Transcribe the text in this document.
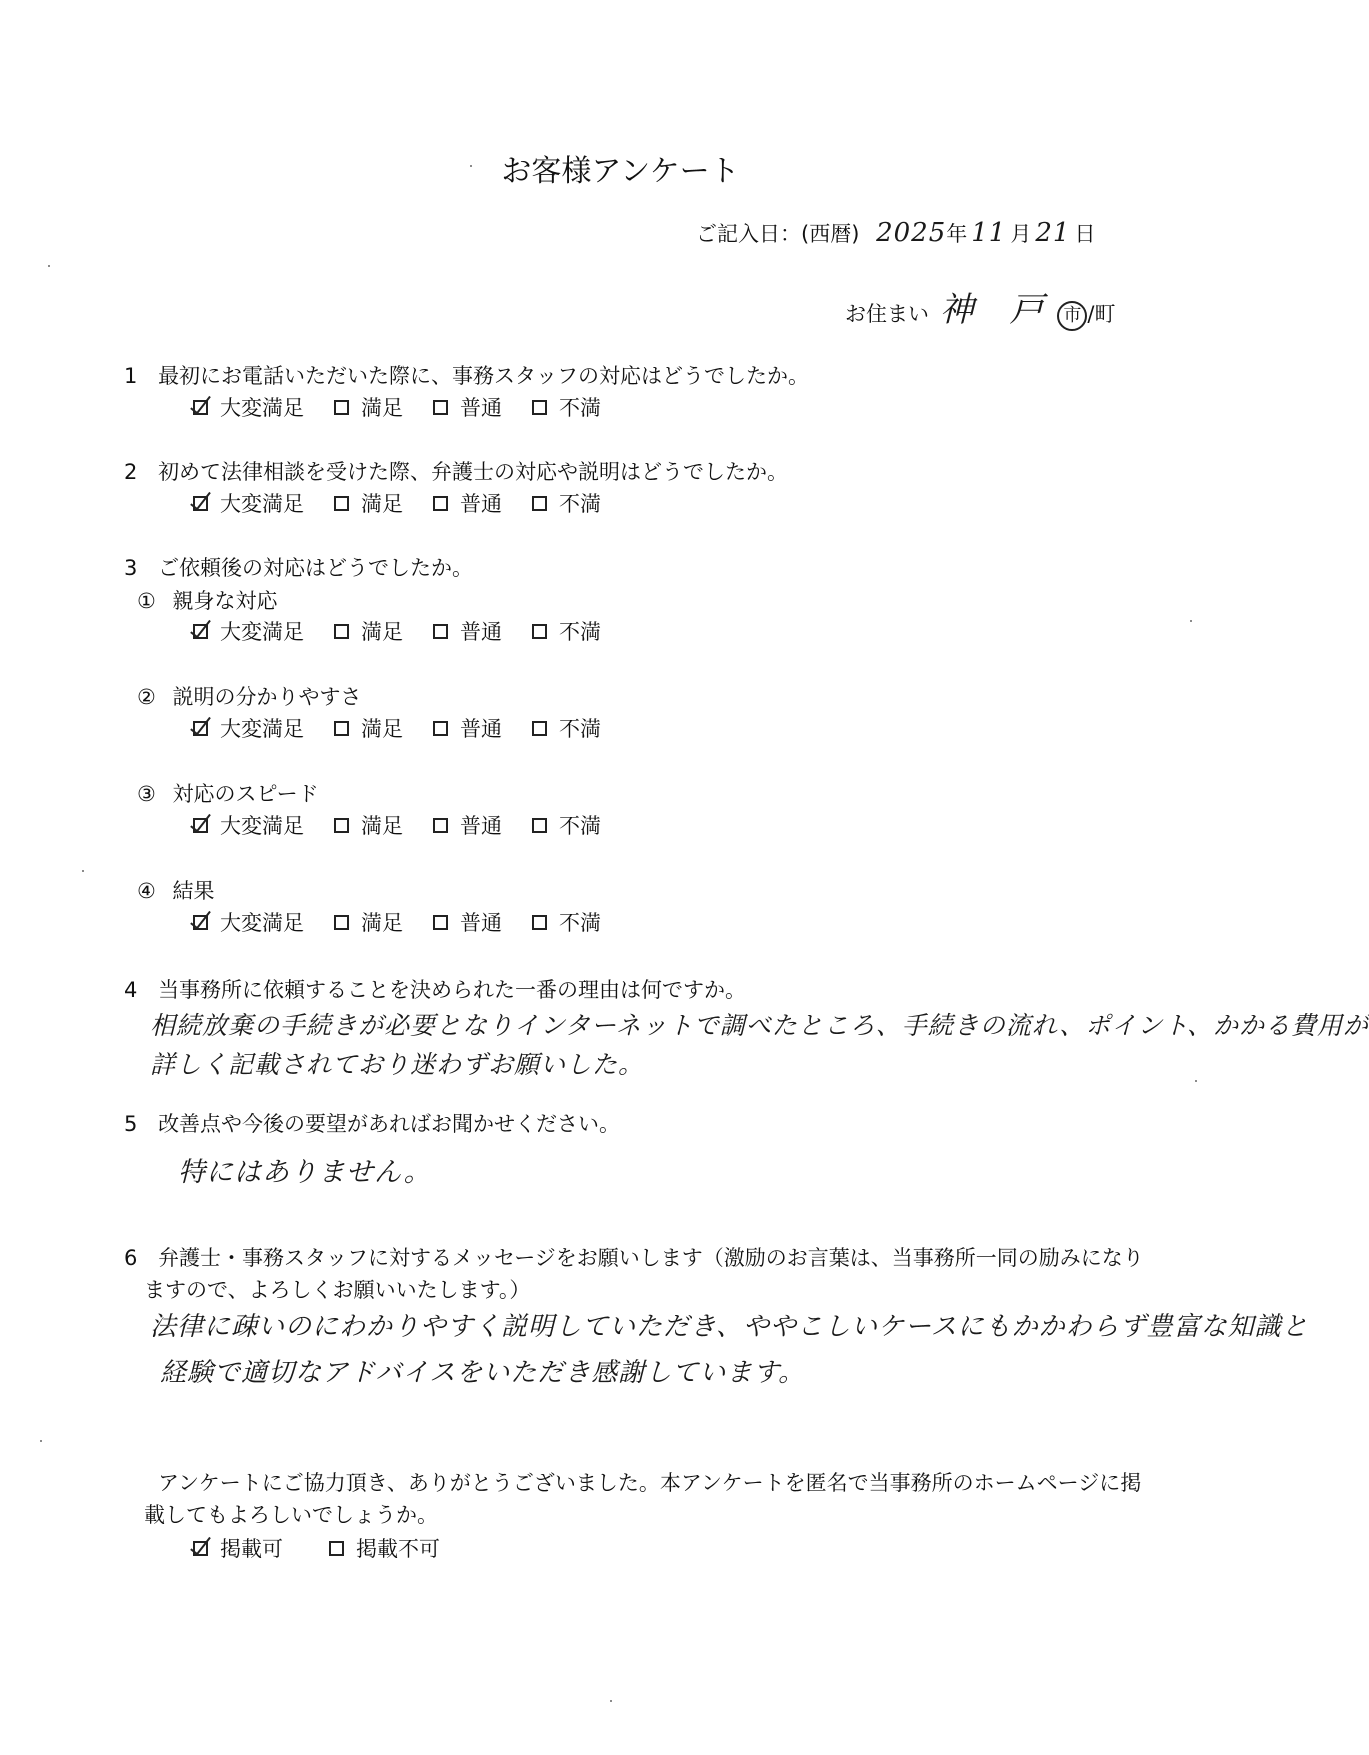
お客様アンケート
ご記入日：(西暦) 2025年 11 月 21 日
お住まい 神　戸 市 /町
1 最初にお電話いただいた際に、事務スタッフの対応はどうでしたか。
大変満足	満足	普通	不満
2 初めて法律相談を受けた際、弁護士の対応や説明はどうでしたか。
大変満足	満足	普通	不満
3 ご依頼後の対応はどうでしたか。
① 親身な対応
大変満足	満足	普通	不満
② 説明の分かりやすさ
大変満足	満足	普通	不満
③ 対応のスピード
大変満足	満足	普通	不満
④ 結果
大変満足	満足	普通	不満
4 当事務所に依頼することを決められた一番の理由は何ですか。
相続放棄の手続きが必要となりインターネットで調べたところ、手続きの流れ、ポイント、かかる費用が
詳しく記載されており迷わずお願いした。
5 改善点や今後の要望があればお聞かせください。
特にはありません。
6 弁護士・事務スタッフに対するメッセージをお願いします（激励のお言葉は、当事務所一同の励みになり
ますので、よろしくお願いいたします。）
法律に疎いのにわかりやすく説明していただき、ややこしいケースにもかかわらず豊富な知識と
経験で適切なアドバイスをいただき感謝しています。
アンケートにご協力頂き、ありがとうございました。本アンケートを匿名で当事務所のホームページに掲
載してもよろしいでしょうか。
掲載可	掲載不可
